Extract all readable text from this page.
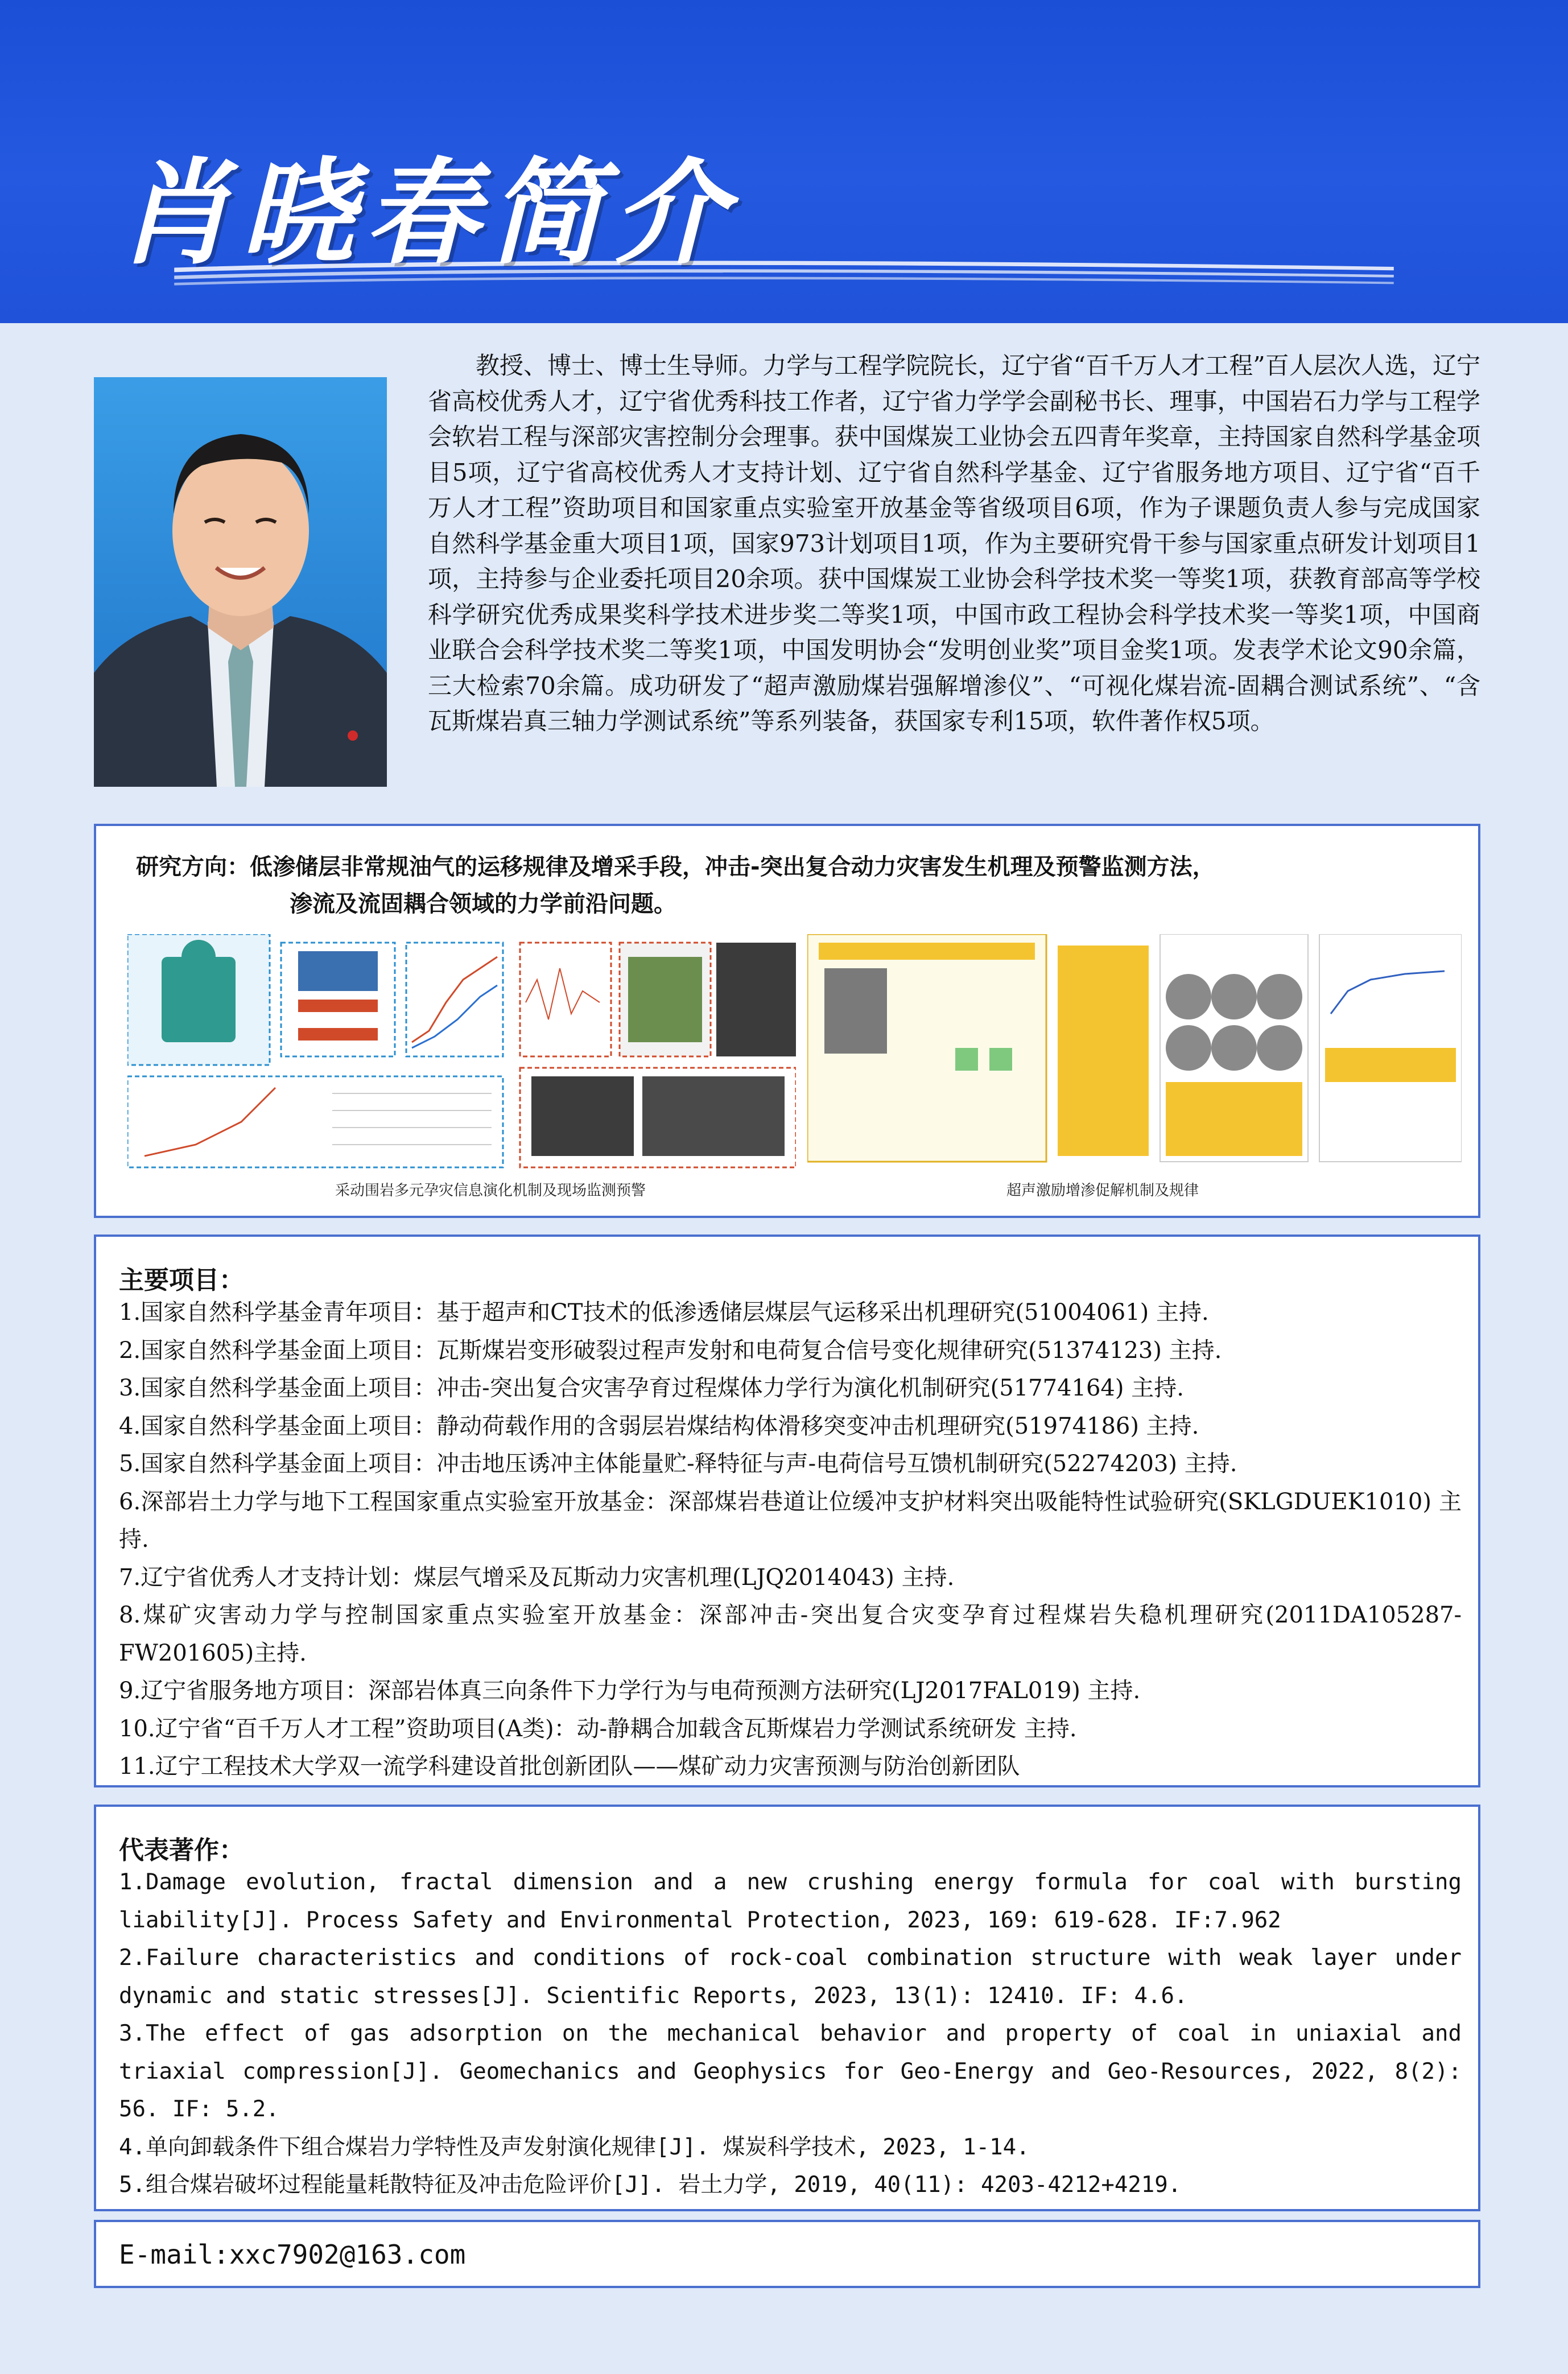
肖晓春简介
教授、博士、博士生导师。力学与工程学院院长，辽宁省“百千万人才工程”百人层次人选，辽宁省高校优秀人才，辽宁省优秀科技工作者，辽宁省力学学会副秘书长、理事，中国岩石力学与工程学会软岩工程与深部灾害控制分会理事。获中国煤炭工业协会五四青年奖章，主持国家自然科学基金项目5项，辽宁省高校优秀人才支持计划、辽宁省自然科学基金、辽宁省服务地方项目、辽宁省“百千万人才工程”资助项目和国家重点实验室开放基金等省级项目6项，作为子课题负责人参与完成国家自然科学基金重大项目1项，国家973计划项目1项，作为主要研究骨干参与国家重点研发计划项目1项，主持参与企业委托项目20余项。获中国煤炭工业协会科学技术奖一等奖1项，获教育部高等学校科学研究优秀成果奖科学技术进步奖二等奖1项，中国市政工程协会科学技术奖一等奖1项，中国商业联合会科学技术奖二等奖1项，中国发明协会“发明创业奖”项目金奖1项。发表学术论文90余篇，三大检索70余篇。成功研发了“超声激励煤岩强解增渗仪”、“可视化煤岩流-固耦合测试系统”、“含瓦斯煤岩真三轴力学测试系统”等系列装备，获国家专利15项，软件著作权5项。
研究方向：低渗储层非常规油气的运移规律及增采手段，冲击-突出复合动力灾害发生机理及预警监测方法，
渗流及流固耦合领域的力学前沿问题。
采动围岩多元孕灾信息演化机制及现场监测预警	超声激励增渗促解机制及规律
主要项目：

1.国家自然科学基金青年项目：基于超声和CT技术的低渗透储层煤层气运移采出机理研究(51004061) 主持.

2.国家自然科学基金面上项目：瓦斯煤岩变形破裂过程声发射和电荷复合信号变化规律研究(51374123) 主持.

3.国家自然科学基金面上项目：冲击-突出复合灾害孕育过程煤体力学行为演化机制研究(51774164) 主持.

4.国家自然科学基金面上项目：静动荷载作用的含弱层岩煤结构体滑移突变冲击机理研究(51974186) 主持.

5.国家自然科学基金面上项目：冲击地压诱冲主体能量贮-释特征与声-电荷信号互馈机制研究(52274203) 主持.

6.深部岩土力学与地下工程国家重点实验室开放基金：深部煤岩巷道让位缓冲支护材料突出吸能特性试验研究(SKLGDUEK1010) 主持.

7.辽宁省优秀人才支持计划：煤层气增采及瓦斯动力灾害机理(LJQ2014043) 主持.

8.煤矿灾害动力学与控制国家重点实验室开放基金：深部冲击-突出复合灾变孕育过程煤岩失稳机理研究(2011DA105287-FW201605)主持.

9.辽宁省服务地方项目：深部岩体真三向条件下力学行为与电荷预测方法研究(LJ2017FAL019) 主持.

10.辽宁省“百千万人才工程”资助项目(A类)：动-静耦合加载含瓦斯煤岩力学测试系统研发 主持.

11.辽宁工程技术大学双一流学科建设首批创新团队——煤矿动力灾害预测与防治创新团队

代表著作：

1.Damage evolution, fractal dimension and a new crushing energy formula for coal with bursting liability[J]. Process Safety and Environmental Protection, 2023, 169: 619-628. IF:7.962

2.Failure characteristics and conditions of rock-coal combination structure with weak layer under dynamic and static stresses[J]. Scientific Reports, 2023, 13(1): 12410. IF: 4.6.

3.The effect of gas adsorption on the mechanical behavior and property of coal in uniaxial and triaxial compression[J]. Geomechanics and Geophysics for Geo-Energy and Geo-Resources, 2022, 8(2): 56. IF: 5.2.

4.单向卸载条件下组合煤岩力学特性及声发射演化规律[J]. 煤炭科学技术, 2023, 1-14.

5.组合煤岩破坏过程能量耗散特征及冲击危险评价[J]. 岩土力学, 2019, 40(11): 4203-4212+4219.

E-mail:xxc7902@163.com
